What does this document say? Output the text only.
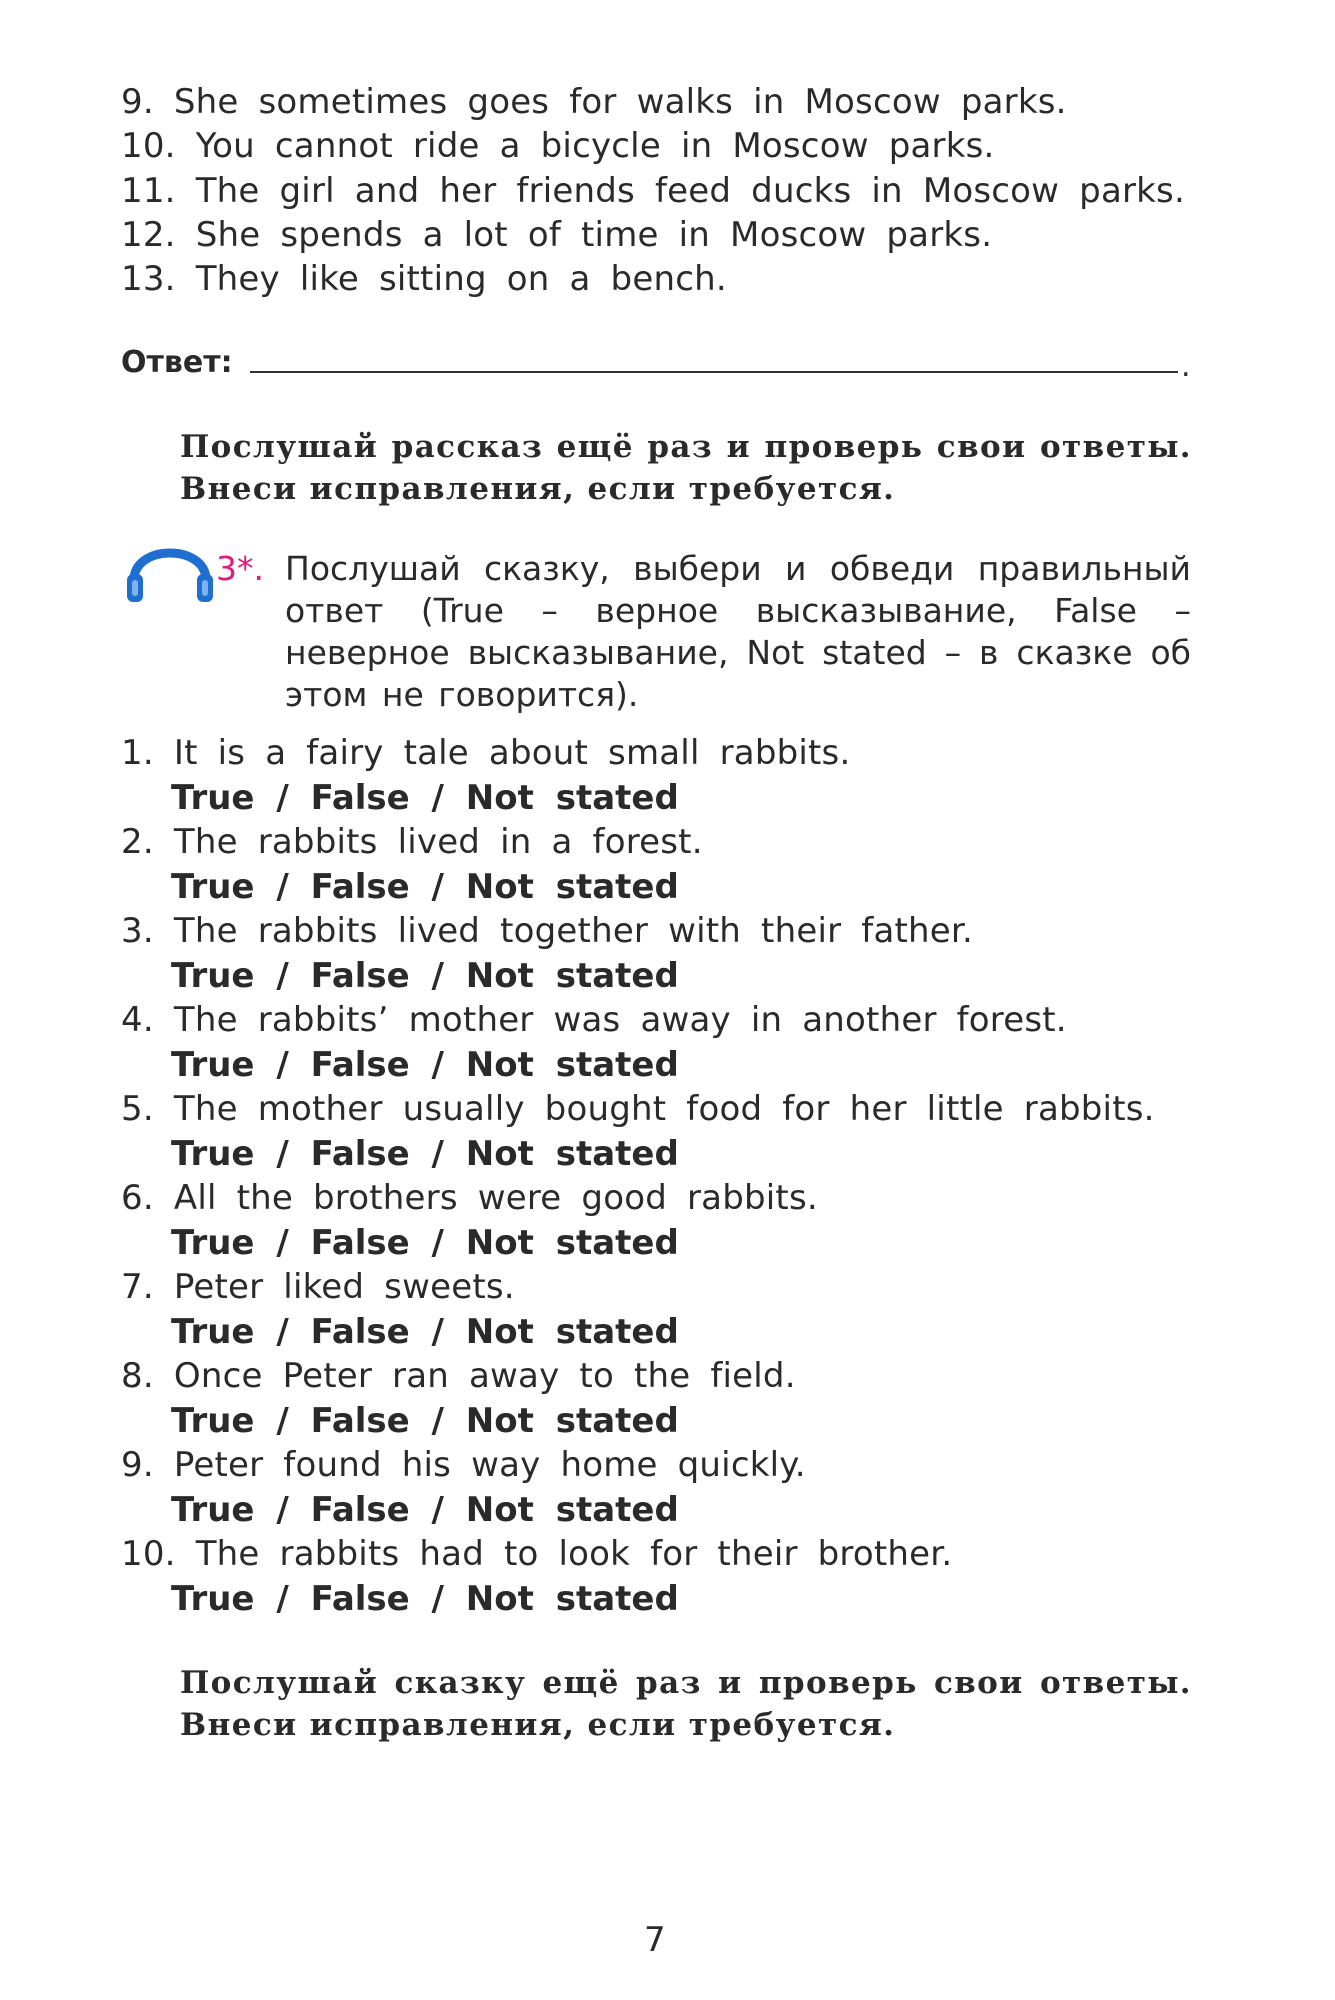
9. She sometimes goes for walks in Moscow parks.
10. You cannot ride a bicycle in Moscow parks.
11. The girl and her friends feed ducks in Moscow parks.
12. She spends a lot of time in Moscow parks.
13. They like sitting on a bench.
Ответ:	.
Послушай рассказ ещё раз и проверь свои ответы. Внеси исправления, если требуется.
3*. Послушай сказку, выбери и обведи правильный ответ (True – верное высказывание, False – неверное высказывание, Not stated – в сказке об этом не говорится).
1. It is a fairy tale about small rabbits.
True / False / Not stated
2. The rabbits lived in a forest.
True / False / Not stated
3. The rabbits lived together with their father.
True / False / Not stated
4. The rabbits’ mother was away in another forest.
True / False / Not stated
5. The mother usually bought food for her little rabbits.
True / False / Not stated
6. All the brothers were good rabbits.
True / False / Not stated
7. Peter liked sweets.
True / False / Not stated
8. Once Peter ran away to the field.
True / False / Not stated
9. Peter found his way home quickly.
True / False / Not stated
10. The rabbits had to look for their brother.
True / False / Not stated
Послушай сказку ещё раз и проверь свои ответы. Внеси исправления, если требуется.
7
